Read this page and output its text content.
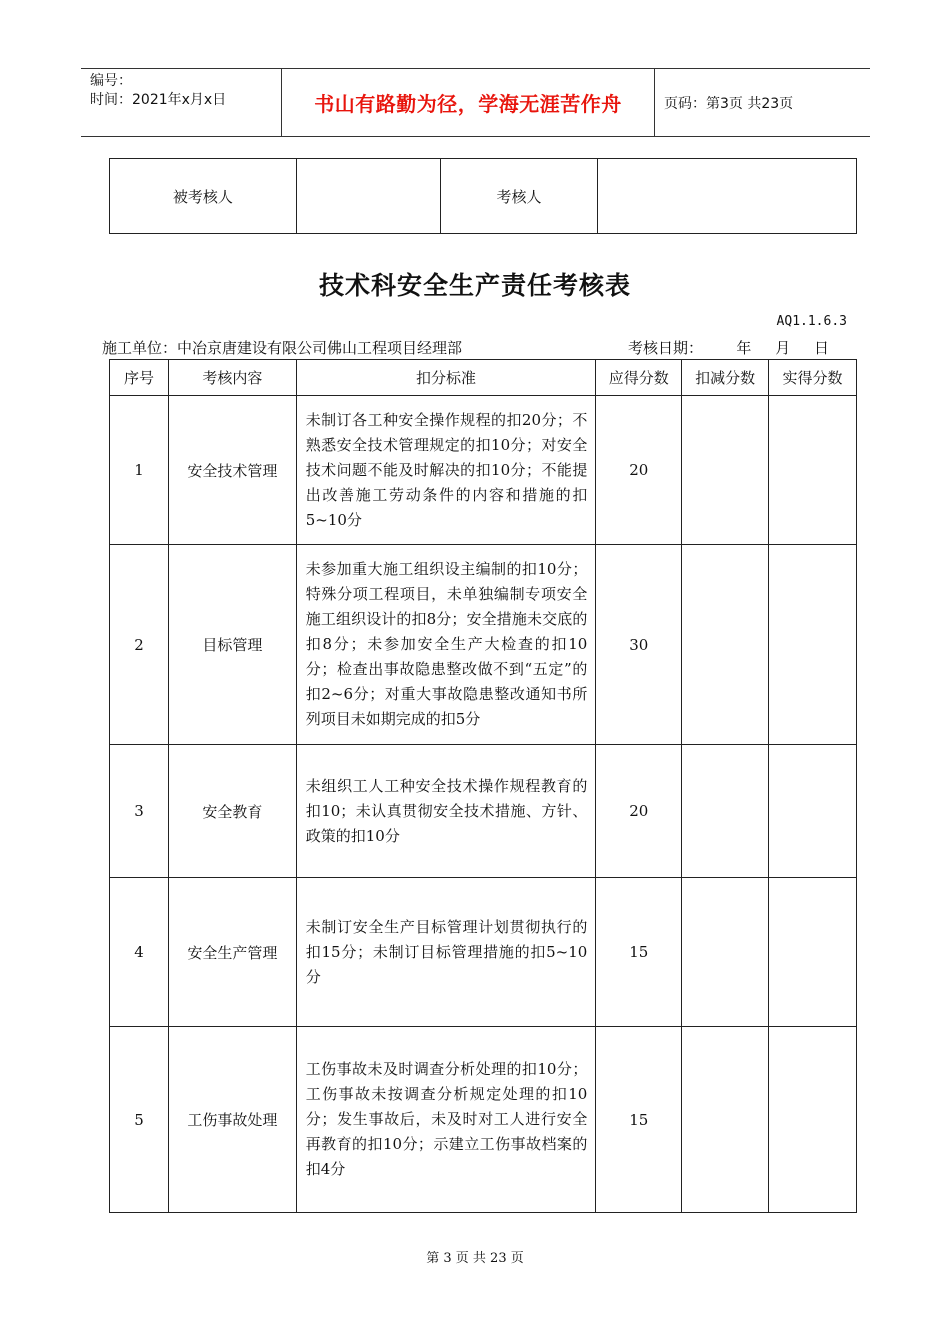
编号：
时间：2021年x月x日	书山有路勤为径，学海无涯苦作舟	页码：第3页 共23页
被考核人		考核人	
技术科安全生产责任考核表
AQ1.1.6.3
施工单位：中冶京唐建设有限公司佛山工程项目经理部	考核日期：       年     月     日
序号	考核内容	扣分标准	应得分数	扣减分数	实得分数
1	安全技术管理	未制订各工种安全操作规程的扣20分；不熟悉安全技术管理规定的扣10分；对安全技术问题不能及时解决的扣10分；不能提出改善施工劳动条件的内容和措施的扣5~10分	20		
2	目标管理	未参加重大施工组织设主编制的扣10分；特殊分项工程项目，未单独编制专项安全施工组织设计的扣8分；安全措施未交底的扣8分；未参加安全生产大检查的扣10分；检查出事故隐患整改做不到“五定”的扣2~6分；对重大事故隐患整改通知书所列项目未如期完成的扣5分	30		
3	安全教育	未组织工人工种安全技术操作规程教育的扣10；未认真贯彻安全技术措施、方针、政策的扣10分	20		
4	安全生产管理	未制订安全生产目标管理计划贯彻执行的扣15分；未制订目标管理措施的扣5~10分	15		
5	工伤事故处理	工伤事故未及时调查分析处理的扣10分；工伤事故未按调查分析规定处理的扣10分；发生事故后，未及时对工人进行安全再教育的扣10分；示建立工伤事故档案的扣4分	15		
第 3 页 共 23 页
